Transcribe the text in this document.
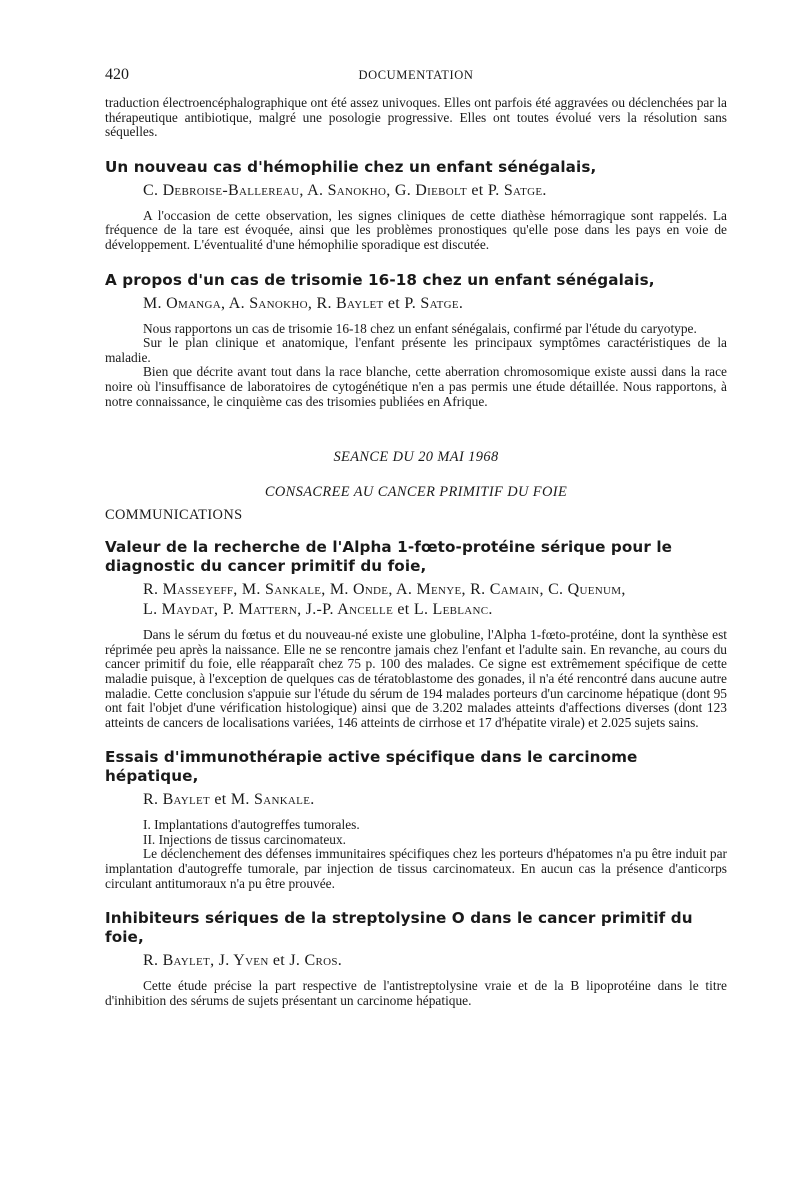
420	DOCUMENTATION

traduction électroencéphalographique ont été assez univoques. Elles ont parfois été aggravées ou déclenchées par la thérapeutique antibiotique, malgré une posologie progressive. Elles ont toutes évolué vers la résolution sans séquelles.

Un nouveau cas d'hémophilie chez un enfant sénégalais,
C. Debroise-Ballereau, A. Sanokho, G. Diebolt et P. Satge.

A l'occasion de cette observation, les signes cliniques de cette diathèse hémorragique sont rappelés. La fréquence de la tare est évoquée, ainsi que les problèmes pronostiques qu'elle pose dans les pays en voie de développement. L'éventualité d'une hémophilie sporadique est discutée.

A propos d'un cas de trisomie 16-18 chez un enfant sénégalais,
M. Omanga, A. Sanokho, R. Baylet et P. Satge.

Nous rapportons un cas de trisomie 16-18 chez un enfant sénégalais, confirmé par l'étude du caryotype.

Sur le plan clinique et anatomique, l'enfant présente les principaux symptômes caractéristiques de la maladie.

Bien que décrite avant tout dans la race blanche, cette aberration chromosomique existe aussi dans la race noire où l'insuffisance de laboratoires de cytogénétique n'en a pas permis une étude détaillée. Nous rapportons, à notre connaissance, le cinquième cas des trisomies publiées en Afrique.

SEANCE DU 20 MAI 1968
CONSACREE AU CANCER PRIMITIF DU FOIE
COMMUNICATIONS
Valeur de la recherche de l'Alpha 1-fœto-protéine sérique pour le diagnostic du cancer primitif du foie,
R. Masseyeff, M. Sankale, M. Onde, A. Menye, R. Camain, C. Quenum,
L. Maydat, P. Mattern, J.-P. Ancelle et L. Leblanc.

Dans le sérum du fœtus et du nouveau-né existe une globuline, l'Alpha 1-fœto-protéine, dont la synthèse est réprimée peu après la naissance. Elle ne se rencontre jamais chez l'enfant et l'adulte sain. En revanche, au cours du cancer primitif du foie, elle réapparaît chez 75 p. 100 des malades. Ce signe est extrêmement spécifique de cette maladie puisque, à l'exception de quelques cas de tératoblastome des gonades, il n'a été rencontré dans aucune autre maladie. Cette conclusion s'appuie sur l'étude du sérum de 194 malades porteurs d'un carcinome hépatique (dont 95 ont fait l'objet d'une vérification histologique) ainsi que de 3.202 malades atteints d'affections diverses (dont 123 atteints de cancers de localisations variées, 146 atteints de cirrhose et 17 d'hépatite virale) et 2.025 sujets sains.

Essais d'immunothérapie active spécifique dans le carcinome hépatique,
R. Baylet et M. Sankale.
I. Implantations d'autogreffes tumorales.
II. Injections de tissus carcinomateux.

Le déclenchement des défenses immunitaires spécifiques chez les porteurs d'hépatomes n'a pu être induit par implantation d'autogreffe tumorale, par injection de tissus carcinomateux. En aucun cas la présence d'anticorps circulant antitumoraux n'a pu être prouvée.

Inhibiteurs sériques de la streptolysine O dans le cancer primitif du foie,
R. Baylet, J. Yven et J. Cros.

Cette étude précise la part respective de l'antistreptolysine vraie et de la B lipoprotéine dans le titre d'inhibition des sérums de sujets présentant un carcinome hépatique.
